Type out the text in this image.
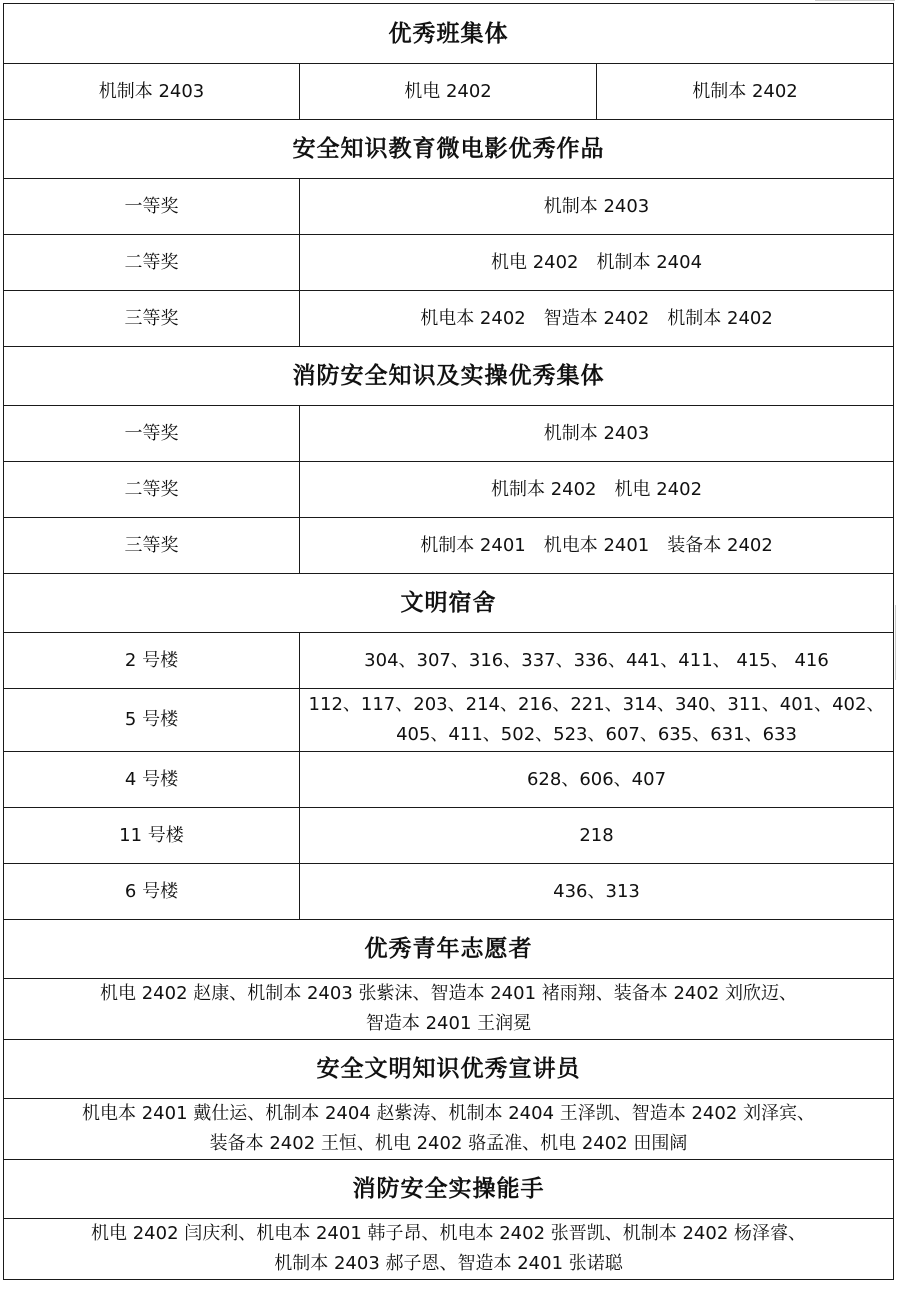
优秀班集体		
机制本 2403	机电 2402	机制本 2402
安全知识教育微电影优秀作品		
一等奖	机制本 2403	
二等奖	机电 2402 机制本 2404	
三等奖	机电本 2402 智造本 2402 机制本 2402	
消防安全知识及实操优秀集体		
一等奖	机制本 2403	
二等奖	机制本 2402 机电 2402	
三等奖	机制本 2401 机电本 2401 装备本 2402	
文明宿舍		
2 号楼	304、307、316、337、336、441、411、 415、 416	
5 号楼	112、117、203、214、216、221、314、340、311、401、402、
405、411、502、523、607、635、631、633	

4 号楼	628、606、407	
11 号楼	218	
6 号楼	436、313	
优秀青年志愿者		

机电 2402 赵康、机制本 2403 张紫沫、智造本 2401 褚雨翔、装备本 2402 刘欣迈、
智造本 2401 王润冕		

安全文明知识优秀宣讲员		

机电本 2401 戴仕运、机制本 2404 赵紫涛、机制本 2404 王泽凯、智造本 2402 刘泽宾、
装备本 2402 王恒、机电 2402 骆孟准、机电 2402 田围阔		

消防安全实操能手		

机电 2402 闫庆利、机电本 2401 韩子昂、机电本 2402 张晋凯、机制本 2402 杨泽睿、
机制本 2403 郝子恩、智造本 2401 张诺聪		
